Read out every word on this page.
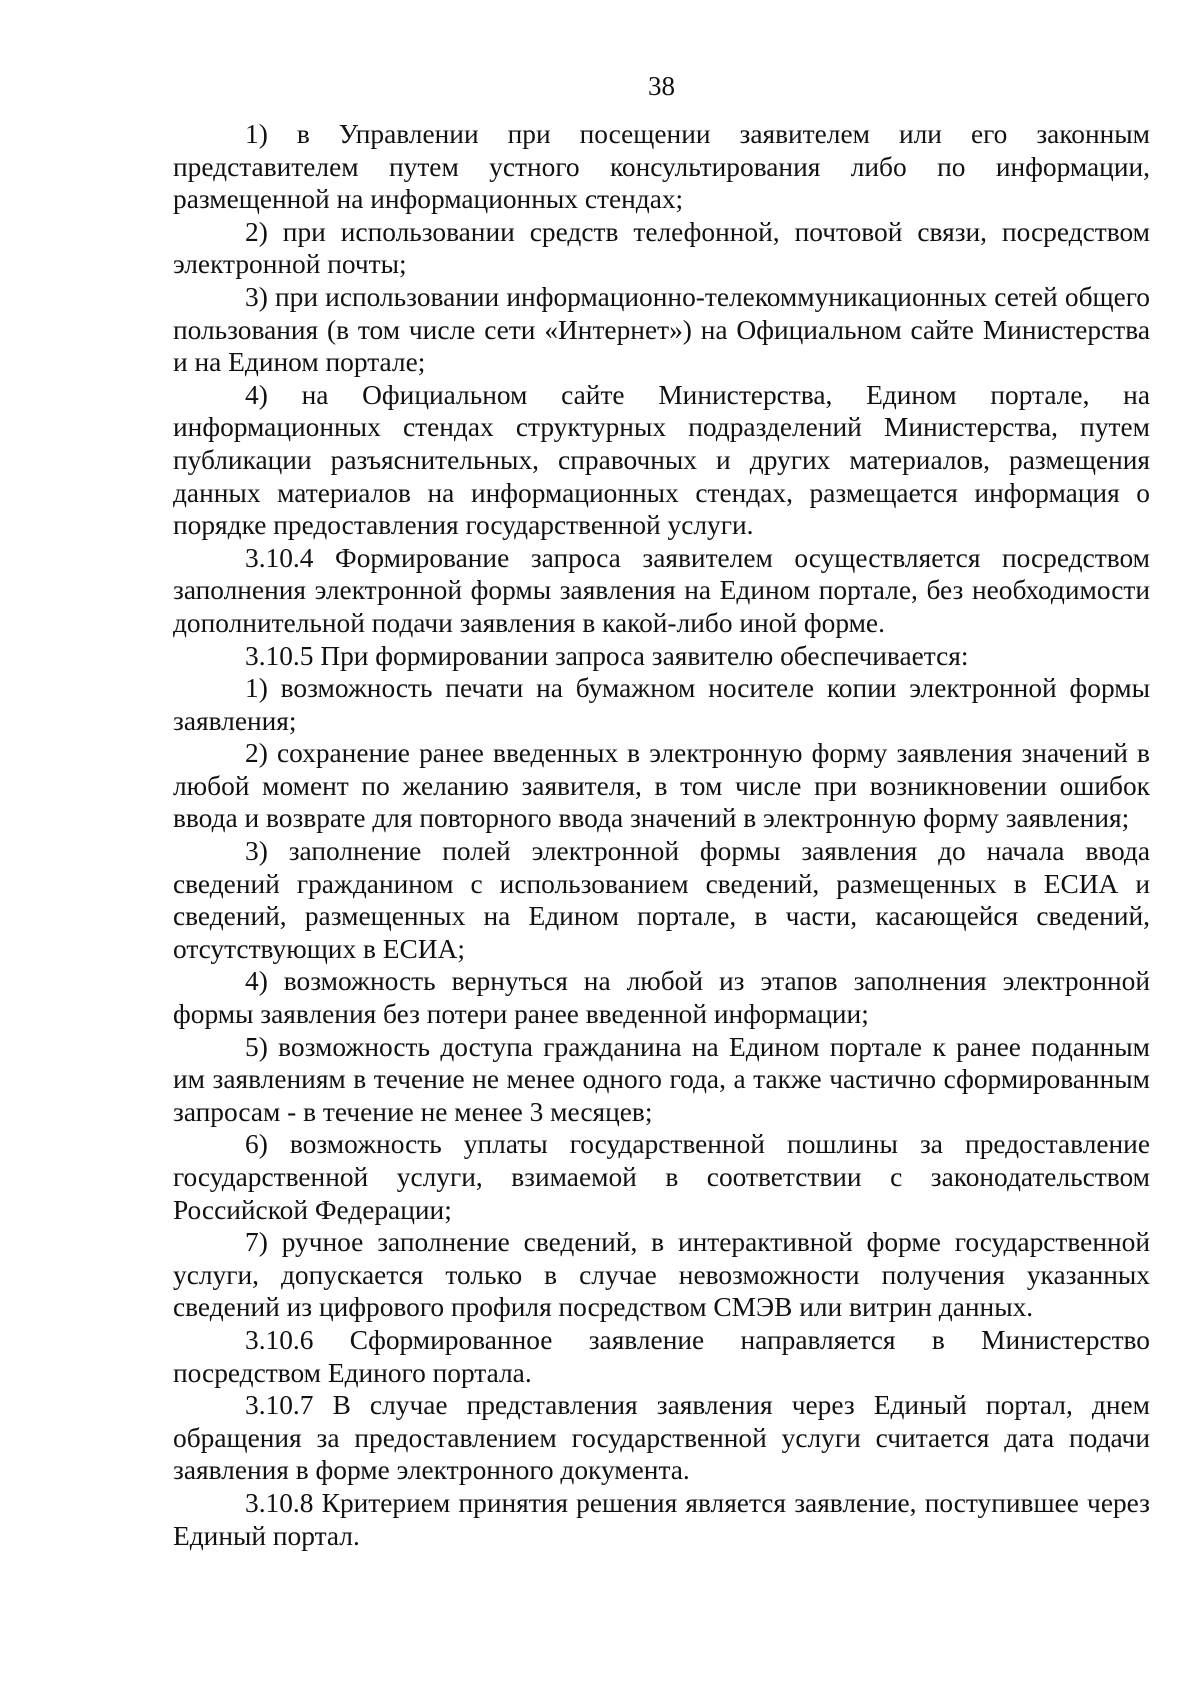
38

1) в Управлении при посещении заявителем или его законным представителем путем устного консультирования либо по информации, размещенной на информационных стендах;

2) при использовании средств телефонной, почтовой связи, посредством электронной почты;

3) при использовании информационно-телекоммуникационных сетей общего пользования (в том числе сети «Интернет») на Официальном сайте Министерства и на Едином портале;

4) на Официальном сайте Министерства, Едином портале, на информационных стендах структурных подразделений Министерства, путем публикации разъяснительных, справочных и других материалов, размещения данных материалов на информационных стендах, размещается информация о порядке предоставления государственной услуги.

3.10.4 Формирование запроса заявителем осуществляется посредством заполнения электронной формы заявления на Едином портале, без необходимости дополнительной подачи заявления в какой-либо иной форме.

3.10.5 При формировании запроса заявителю обеспечивается:

1) возможность печати на бумажном носителе копии электронной формы заявления;

2) сохранение ранее введенных в электронную форму заявления значений в любой момент по желанию заявителя, в том числе при возникновении ошибок ввода и возврате для повторного ввода значений в электронную форму заявления;

3) заполнение полей электронной формы заявления до начала ввода сведений гражданином с использованием сведений, размещенных в ЕСИА и сведений, размещенных на Едином портале, в части, касающейся сведений, отсутствующих в ЕСИА;

4) возможность вернуться на любой из этапов заполнения электронной формы заявления без потери ранее введенной информации;

5) возможность доступа гражданина на Едином портале к ранее поданным им заявлениям в течение не менее одного года, а также частично сформированным запросам - в течение не менее 3 месяцев;

6) возможность уплаты государственной пошлины за предоставление государственной услуги, взимаемой в соответствии с законодательством Российской Федерации;

7) ручное заполнение сведений, в интерактивной форме государственной услуги, допускается только в случае невозможности получения указанных сведений из цифрового профиля посредством СМЭВ или витрин данных.

3.10.6 Сформированное заявление направляется в Министерство посредством Единого портала.

3.10.7 В случае представления заявления через Единый портал, днем обращения за предоставлением государственной услуги считается дата подачи заявления в форме электронного документа.

3.10.8 Критерием принятия решения является заявление, поступившее через Единый портал.
